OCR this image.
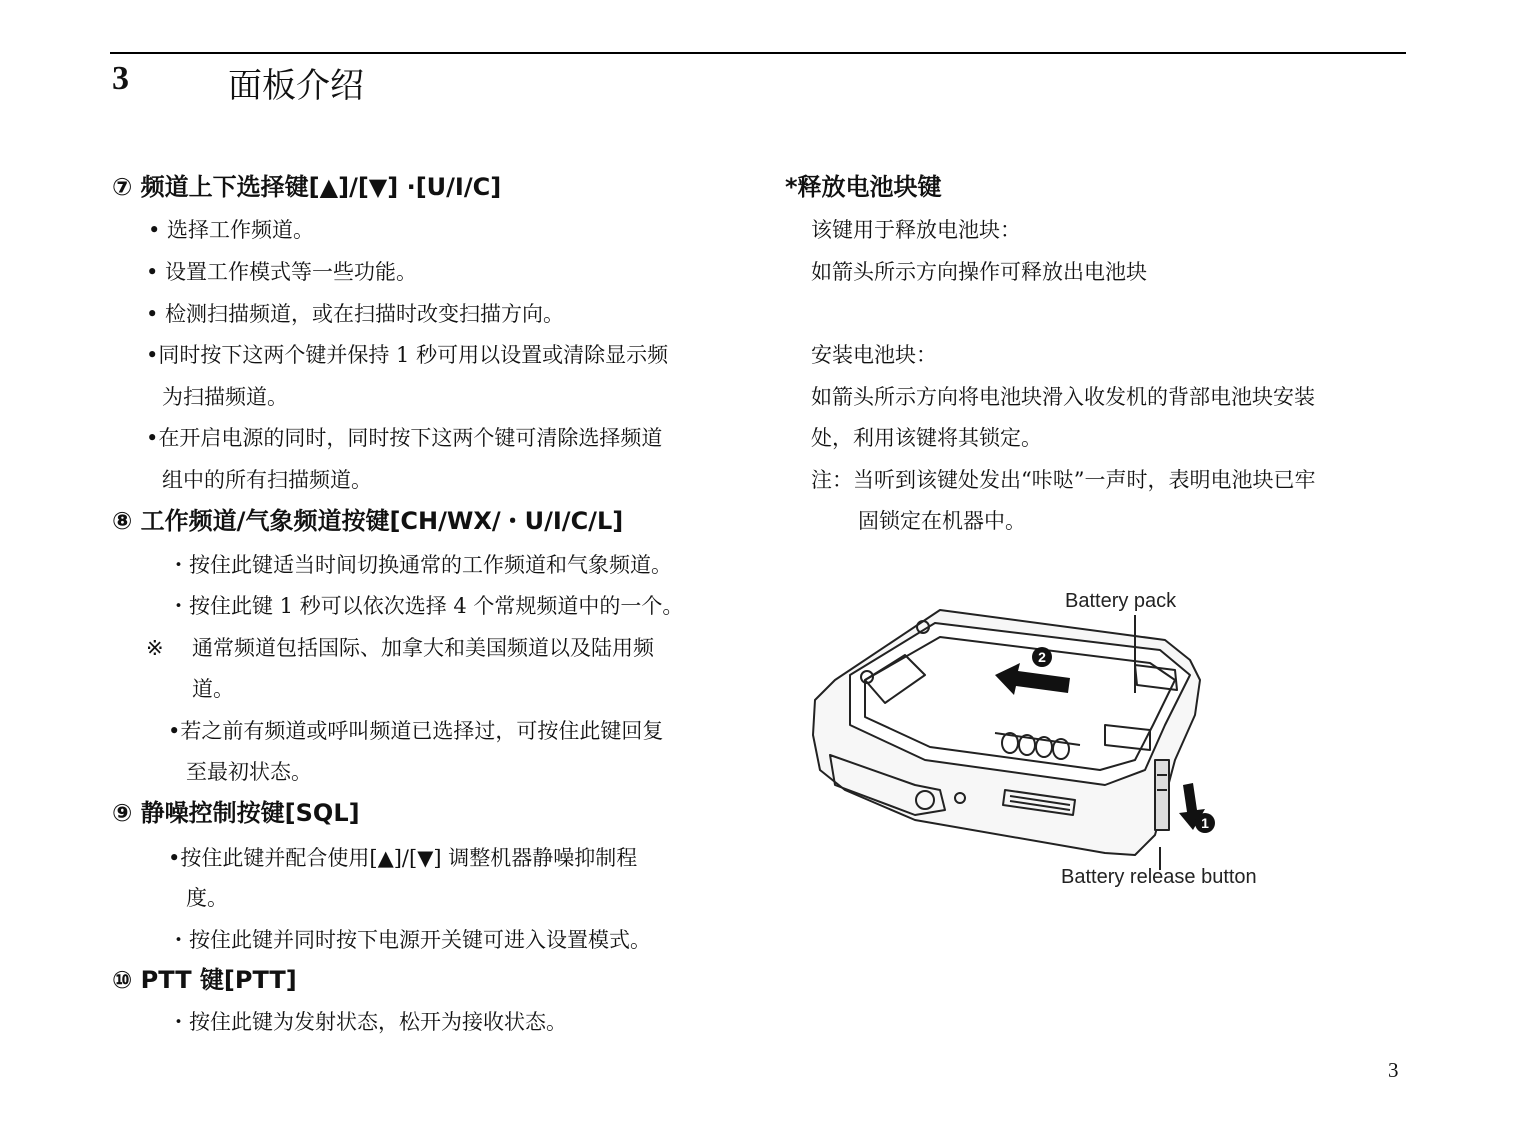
3	面板介绍
⑦ 频道上下选择键[▲]/[▼] ·[U/I/C]
• 选择工作频道。
• 设置工作模式等一些功能。
• 检测扫描频道，或在扫描时改变扫描方向。
•同时按下这两个键并保持 1 秒可用以设置或清除显示频
为扫描频道。
•在开启电源的同时，同时按下这两个键可清除选择频道
组中的所有扫描频道。
⑧ 工作频道/气象频道按键[CH/WX/・U/I/C/L]
・按住此键适当时间切换通常的工作频道和气象频道。
・按住此键 1 秒可以依次选择 4 个常规频道中的一个。
※ 通常频道包括国际、加拿大和美国频道以及陆用频
道。
•若之前有频道或呼叫频道已选择过，可按住此键回复
至最初状态。
⑨ 静噪控制按键[SQL]
•按住此键并配合使用[▲]/[▼] 调整机器静噪抑制程
度。
・按住此键并同时按下电源开关键可进入设置模式。
⑩ PTT 键[PTT]
・按住此键为发射状态，松开为接收状态。
*释放电池块键
该键用于释放电池块：
如箭头所示方向操作可释放出电池块
安装电池块：
如箭头所示方向将电池块滑入收发机的背部电池块安装
处，利用该键将其锁定。
注：当听到该键处发出“咔哒”一声时，表明电池块已牢
固锁定在机器中。
2
1
Battery pack
Battery release button
3
